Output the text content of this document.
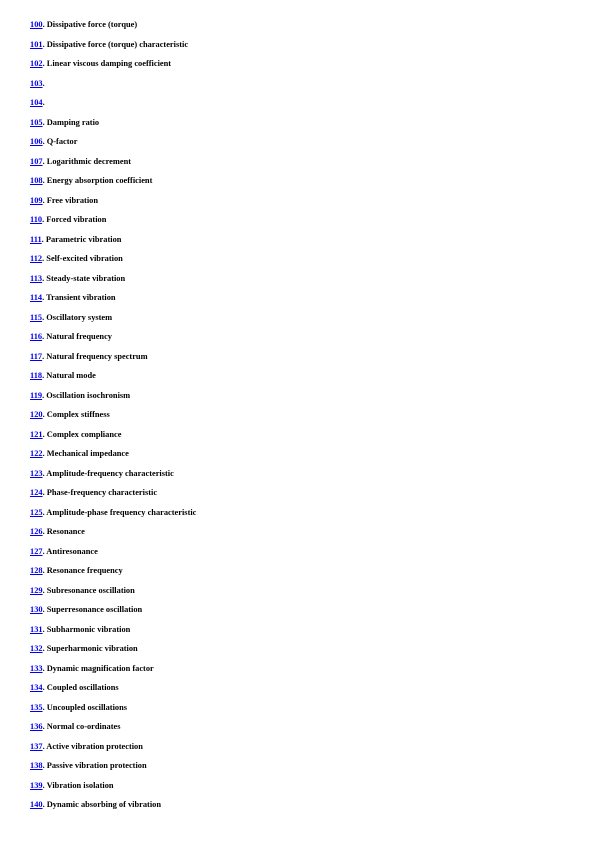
100. Dissipative force (torque)
101. Dissipative force (torque) characteristic
102. Linear viscous damping coefficient
103.
104.
105. Damping ratio
106. Q-factor
107. Logarithmic decrement
108. Energy absorption coefficient
109. Free vibration
110. Forced vibration
111. Parametric vibration
112. Self-excited vibration
113. Steady-state vibration
114. Transient vibration
115. Oscillatory system
116. Natural frequency
117. Natural frequency spectrum
118. Natural mode
119. Oscillation isochronism
120. Complex stiffness
121. Complex compliance
122. Mechanical impedance
123. Amplitude-frequency characteristic
124. Phase-frequency characteristic
125. Amplitude-phase frequency characteristic
126. Resonance
127. Antiresonance
128. Resonance frequency
129. Subresonance oscillation
130. Superresonance oscillation
131. Subharmonic vibration
132. Superharmonic vibration
133. Dynamic magnification factor
134. Coupled oscillations
135. Uncoupled oscillations
136. Normal co-ordinates
137. Active vibration protection
138. Passive vibration protection
139. Vibration isolation
140. Dynamic absorbing of vibration
